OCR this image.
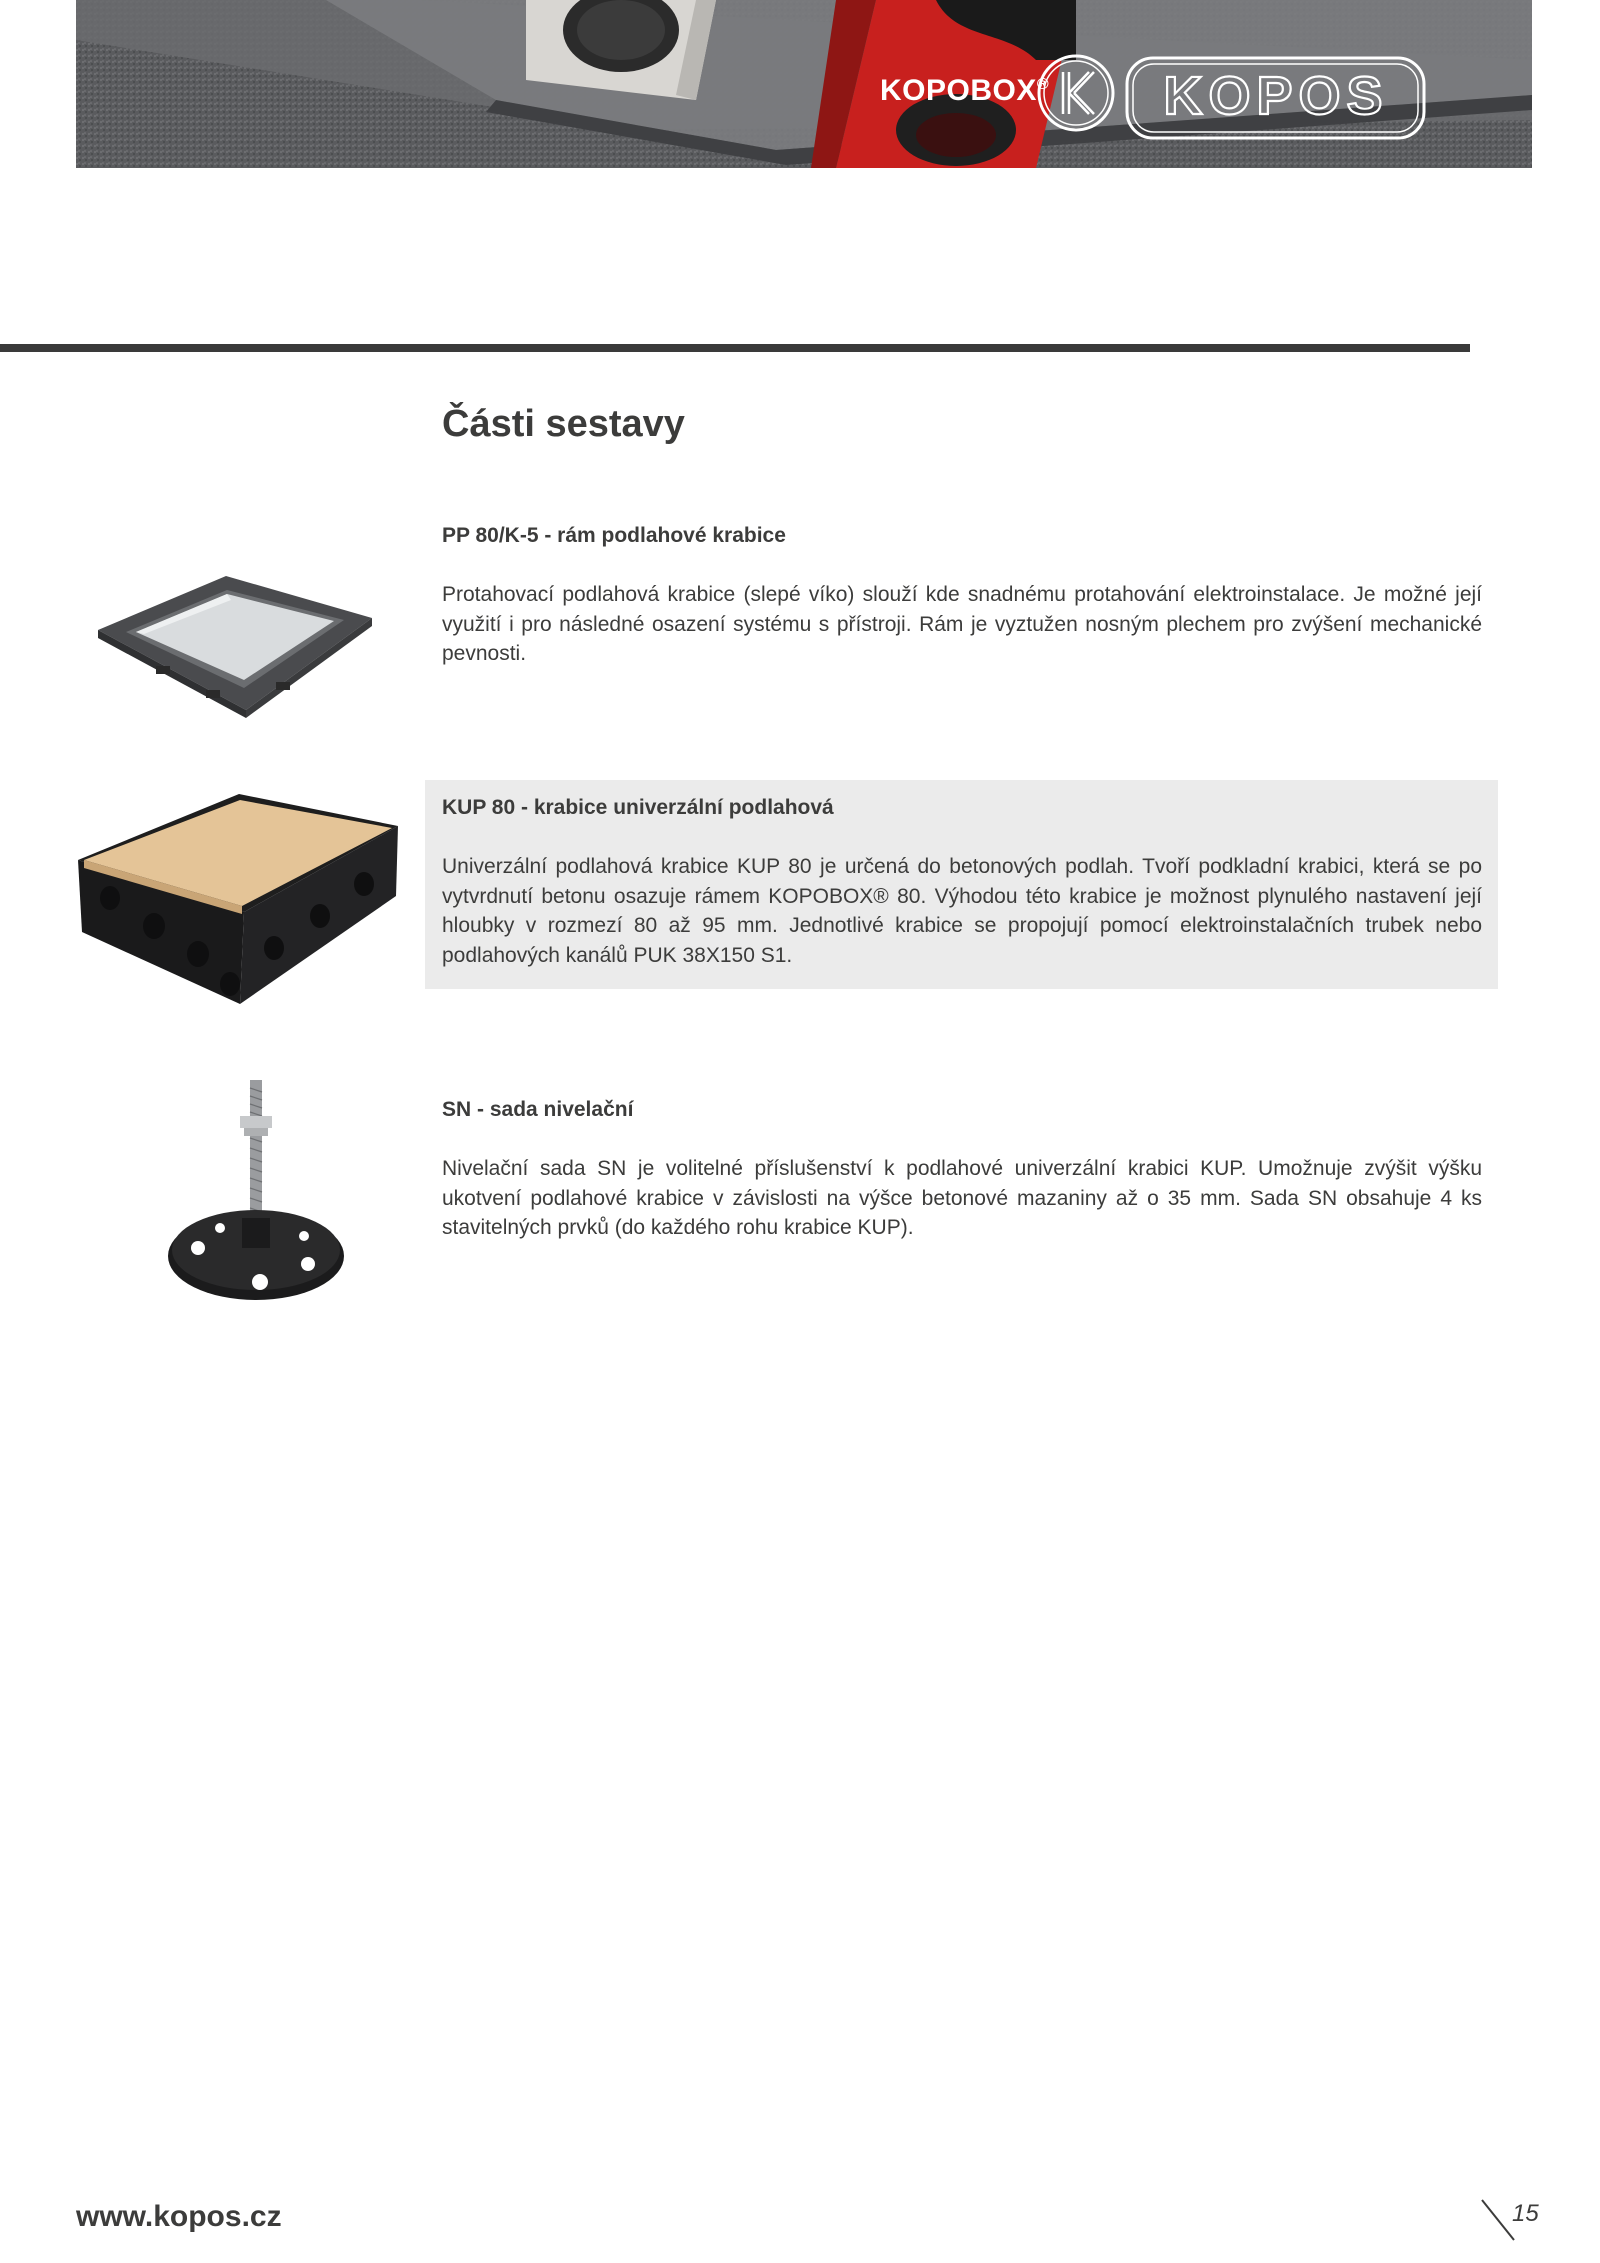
KOPOS
KOPOBOX®
Části sestavy
PP 80/K-5 - rám podlahové krabice

Protahovací podlahová krabice (slepé víko) slouží kde snadnému protahování elektroinstalace. Je možné její využití i pro následné osazení systému s přístroji. Rám je vyztužen nosným plechem pro zvýšení mechanické pevnosti.

KUP 80 - krabice univerzální podlahová

Univerzální podlahová krabice KUP 80 je určená do betonových podlah. Tvoří podkladní krabici, která se po vytvrdnutí betonu osazuje rámem KOPOBOX® 80. Výhodou této krabice je možnost plynulého nastavení její hloubky v rozmezí 80 až 95 mm. Jednotlivé krabice se propojují pomocí elektroinstalačních trubek nebo podlahových kanálů PUK 38X150 S1.

SN - sada nivelační

Nivelační sada SN je volitelné příslušenství k podlahové univerzální krabici KUP. Umožnuje zvýšit výšku ukotvení podlahové krabice v závislosti na výšce betonové mazaniny až o 35 mm. Sada SN obsahuje 4 ks stavitelných prvků (do každého rohu krabice KUP).

www.kopos.cz	15
